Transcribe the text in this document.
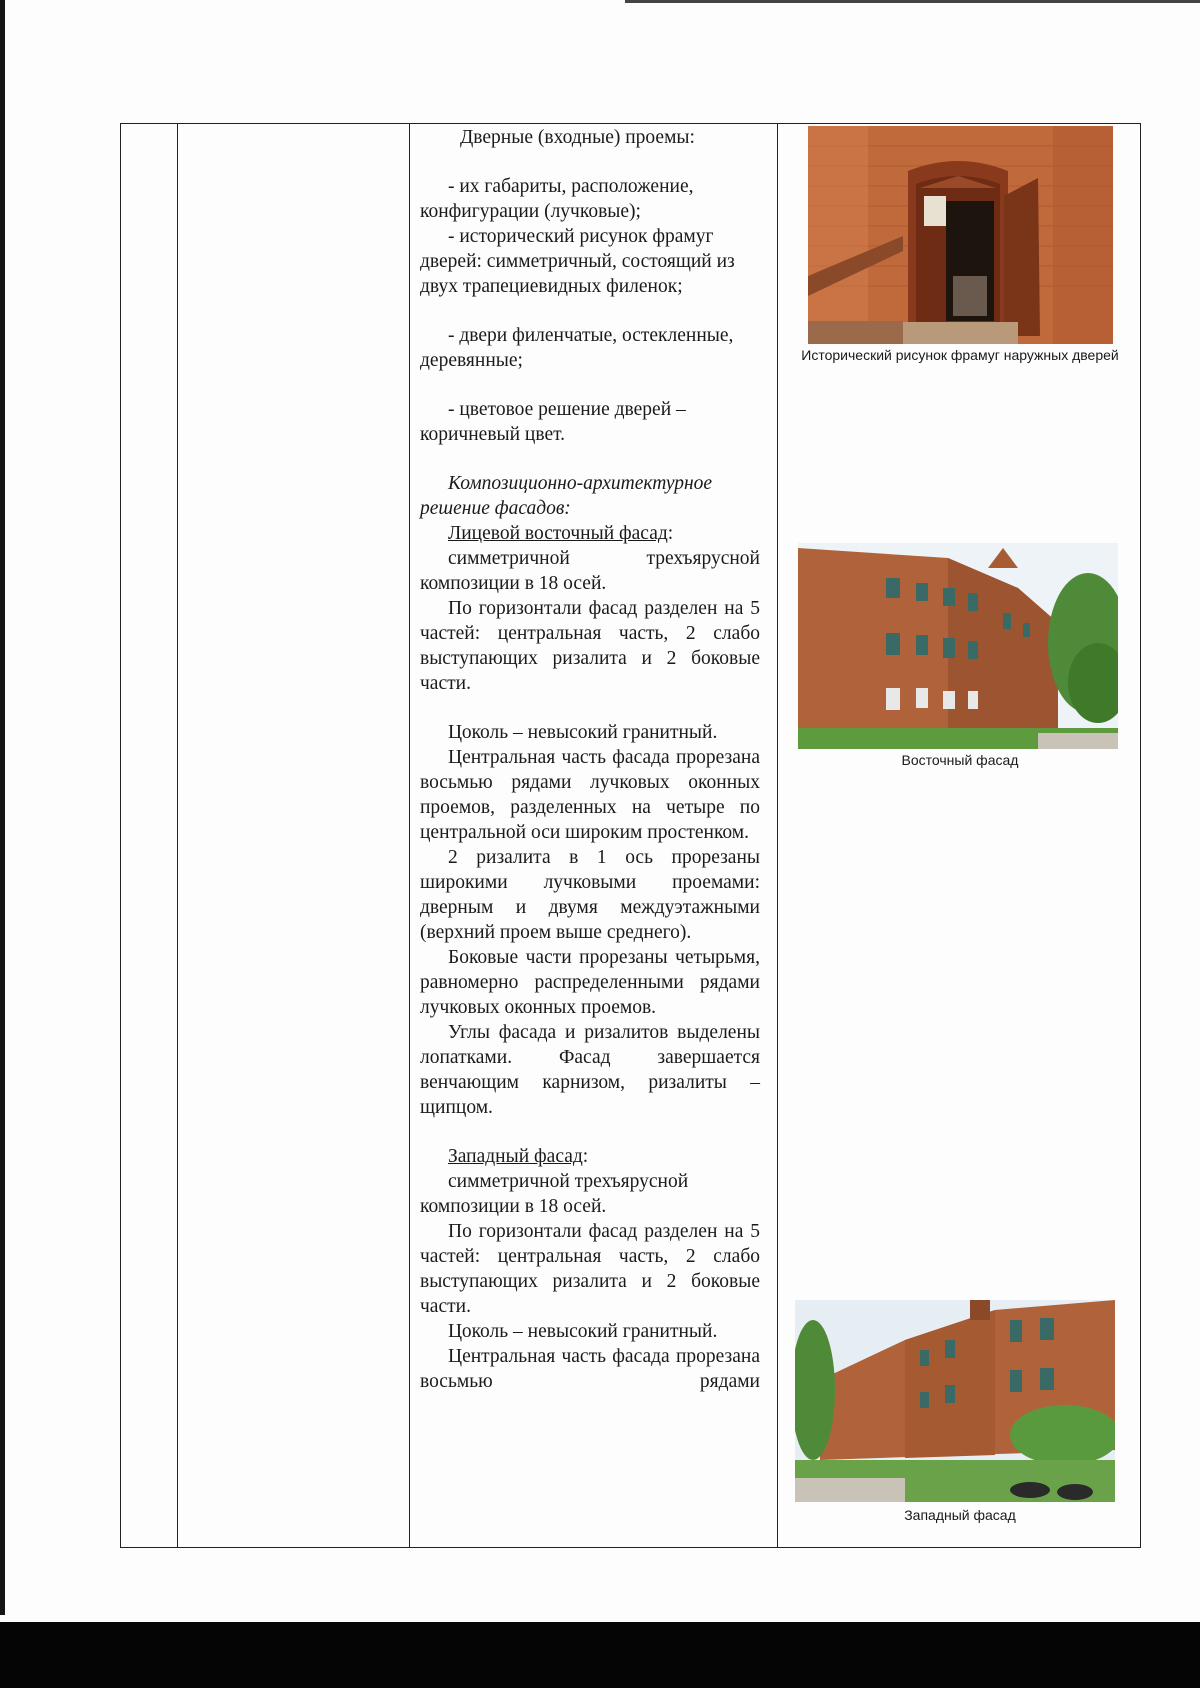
Дверные (входные) проемы:

- их габариты, расположение, конфигурации (лучковые);

- исторический рисунок фрамуг дверей: симметричный, состоящий из двух трапециевидных филенок;

- двери филенчатые, остекленные, деревянные;

- цветовое решение дверей – коричневый цвет.

Композиционно-архитектурное решение фасадов:

Лицевой восточный фасад:

симметричной трехъярусной композиции в 18 осей.

По горизонтали фасад разделен на 5 частей: центральная часть, 2 слабо выступающих ризалита и 2 боковые части.

Цоколь – невысокий гранитный.

Центральная часть фасада прорезана восьмью рядами лучковых оконных проемов, разделенных на четыре по центральной оси широким простенком.

2 ризалита в 1 ось прорезаны широкими лучковыми проемами: дверным и двумя междуэтажными (верхний проем выше среднего).

Боковые части прорезаны четырьмя, равномерно распределенными рядами лучковых оконных проемов.

Углы фасада и ризалитов выделены лопатками. Фасад завершается венчающим карнизом, ризалиты –щипцом.

Западный фасад:

симметричной трехъярусной композиции в 18 осей.

По горизонтали фасад разделен на 5 частей: центральная часть, 2 слабо выступающих ризалита и 2 боковые части.

Цоколь – невысокий гранитный.

Центральная часть фасада прорезана восьмью рядами

Исторический рисунок фрамуг наружных дверей
Восточный фасад
Западный фасад
